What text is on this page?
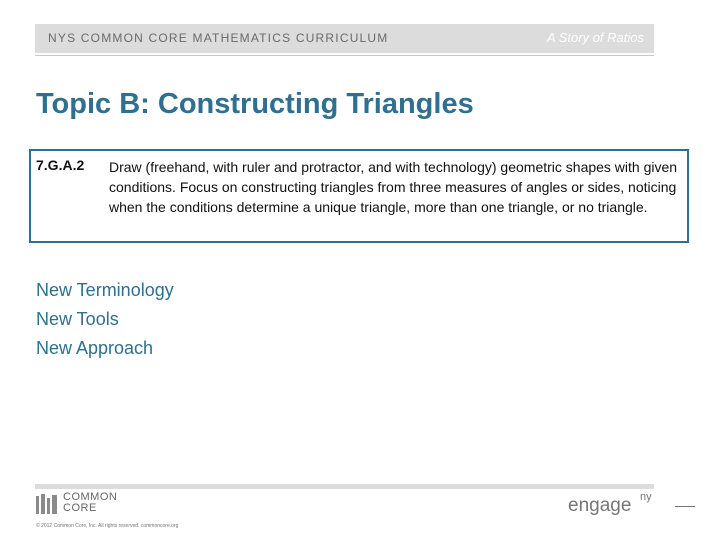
NYS COMMON CORE MATHEMATICS CURRICULUM	A Story of Ratios
Topic B: Constructing Triangles
7.G.A.2 Draw (freehand, with ruler and protractor, and with technology) geometric shapes with given conditions. Focus on constructing triangles from three measures of angles or sides, noticing when the conditions determine a unique triangle, more than one triangle, or no triangle.
New Terminology
New Tools
New Approach
COMMON
CORE
© 2012 Common Core, Inc. All rights reserved. commoncore.org
engage ny
